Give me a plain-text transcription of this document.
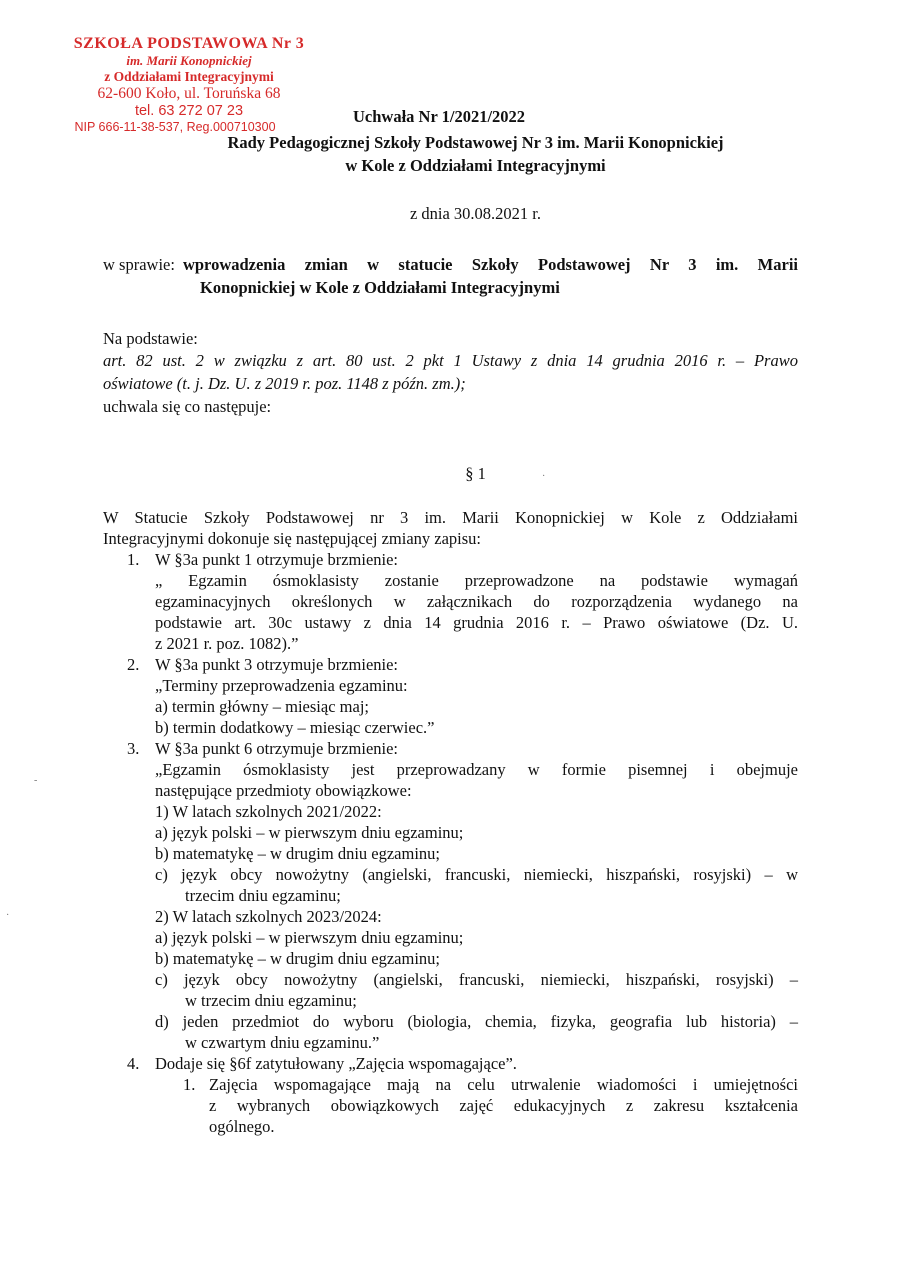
SZKOŁA PODSTAWOWA Nr 3
im. Marii Konopnickiej
z Oddziałami Integracyjnymi
62-600 Koło, ul. Toruńska 68
tel. 63 272 07 23
NIP 666-11-38-537, Reg.000710300
Uchwała Nr 1/2021/2022
Rady Pedagogicznej Szkoły Podstawowej Nr 3 im. Marii Konopnickiej
w Kole z Oddziałami Integracyjnymi
z dnia 30.08.2021 r.
w sprawie: wprowadzenia zmian w statucie Szkoły Podstawowej Nr 3 im. Marii
Konopnickiej w Kole z Oddziałami Integracyjnymi
Na podstawie:
art. 82 ust. 2 w związku z art. 80 ust. 2 pkt 1 Ustawy z dnia 14 grudnia 2016 r. – Prawo
oświatowe (t. j. Dz. U. z 2019 r. poz. 1148 z późn. zm.);
uchwala się co następuje:
§ 1	·
W Statucie Szkoły Podstawowej nr 3 im. Marii Konopnickiej w Kole z Oddziałami
Integracyjnymi dokonuje się następującej zmiany zapisu:
1. W §3a punkt 1 otrzymuje brzmienie:
„ Egzamin ósmoklasisty zostanie przeprowadzone na podstawie wymagań
egzaminacyjnych określonych w załącznikach do rozporządzenia wydanego na
podstawie art. 30c ustawy z dnia 14 grudnia 2016 r. – Prawo oświatowe (Dz. U.
z 2021 r. poz. 1082).”
2. W §3a punkt 3 otrzymuje brzmienie:
„Terminy przeprowadzenia egzaminu:
a) termin główny – miesiąc maj;
b) termin dodatkowy – miesiąc czerwiec.”
3. W §3a punkt 6 otrzymuje brzmienie:
„Egzamin ósmoklasisty jest przeprowadzany w formie pisemnej i obejmuje
następujące przedmioty obowiązkowe:
1) W latach szkolnych 2021/2022:
a) język polski – w pierwszym dniu egzaminu;
b) matematykę – w drugim dniu egzaminu;
c) język obcy nowożytny (angielski, francuski, niemiecki, hiszpański, rosyjski) – w
trzecim dniu egzaminu;
2) W latach szkolnych 2023/2024:
a) język polski – w pierwszym dniu egzaminu;
b) matematykę – w drugim dniu egzaminu;
c) język obcy nowożytny (angielski, francuski, niemiecki, hiszpański, rosyjski) –
w trzecim dniu egzaminu;
d) jeden przedmiot do wyboru (biologia, chemia, fizyka, geografia lub historia) –
w czwartym dniu egzaminu.”
4. Dodaje się §6f zatytułowany „Zajęcia wspomagające”.
1. Zajęcia wspomagające mają na celu utrwalenie wiadomości i umiejętności
z wybranych obowiązkowych zajęć edukacyjnych z zakresu kształcenia
ogólnego.
-
·
